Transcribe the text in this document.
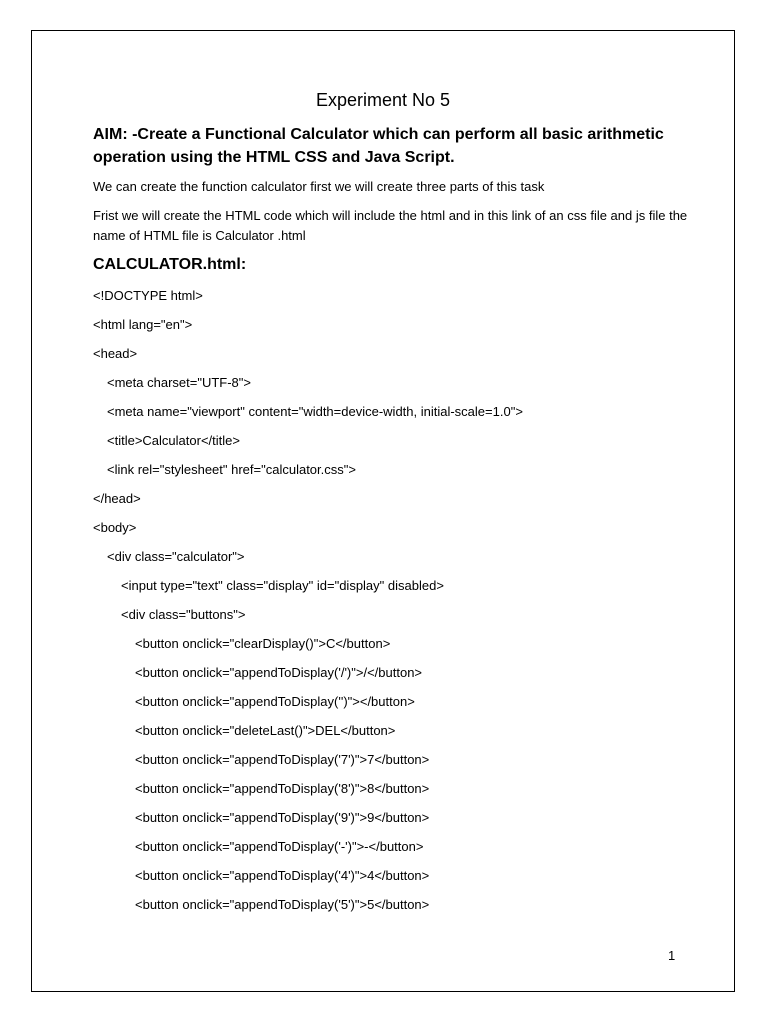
Experiment No 5
AIM: -Create a Functional Calculator which can perform all basic arithmetic operation using the HTML CSS and Java Script.
We can create the function calculator first we will create three parts of this task
Frist we will create the HTML code which will include the html and in this link of an css file and js file the name of HTML file is Calculator .html
CALCULATOR.html:
<!DOCTYPE html>
<html lang="en">
<head>
<meta charset="UTF-8">
<meta name="viewport" content="width=device-width, initial-scale=1.0">
<title>Calculator</title>
<link rel="stylesheet" href="calculator.css">
</head>
<body>
<div class="calculator">
<input type="text" class="display" id="display" disabled>
<div class="buttons">
<button onclick="clearDisplay()">C</button>
<button onclick="appendToDisplay('/')">/</button>
<button onclick="appendToDisplay('')"></button>
<button onclick="deleteLast()">DEL</button>
<button onclick="appendToDisplay('7')">7</button>
<button onclick="appendToDisplay('8')">8</button>
<button onclick="appendToDisplay('9')">9</button>
<button onclick="appendToDisplay('-')">-</button>
<button onclick="appendToDisplay('4')">4</button>
<button onclick="appendToDisplay('5')">5</button>
1
